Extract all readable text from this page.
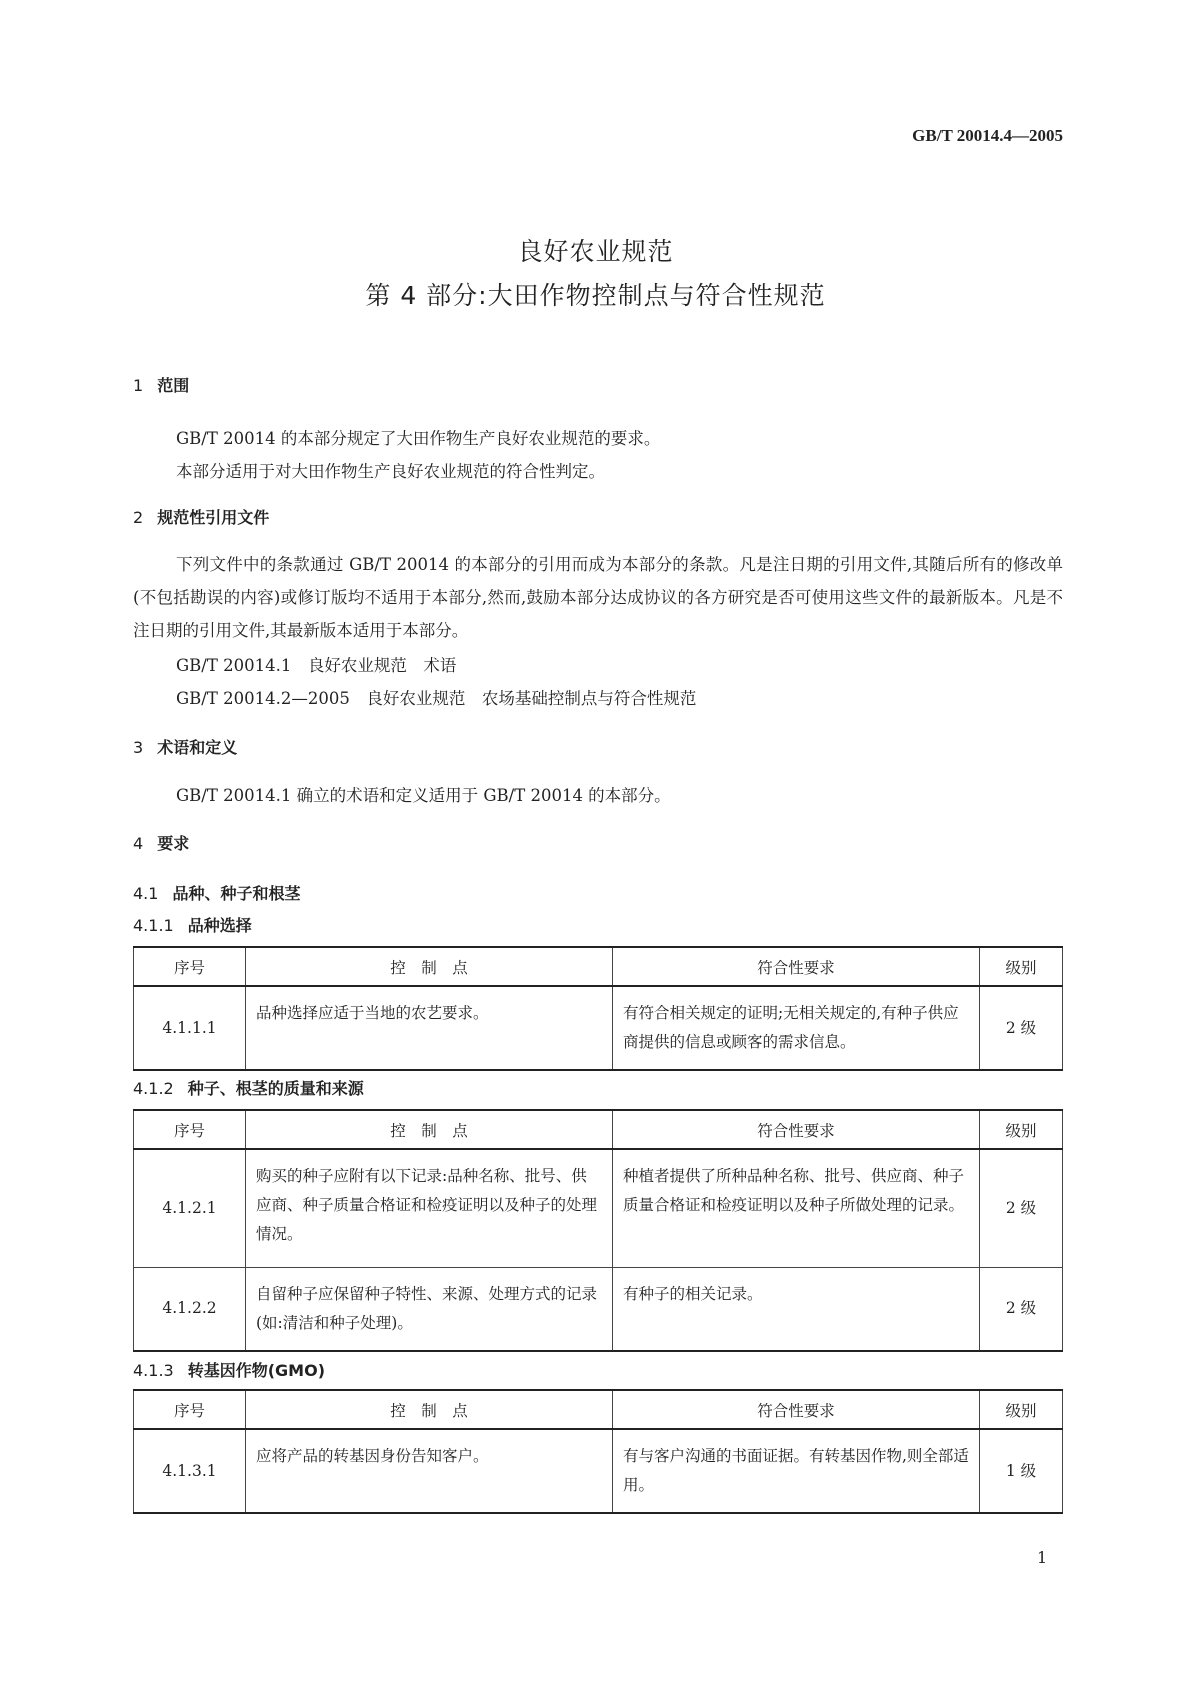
GB/T 20014.4—2005
良好农业规范
第 4 部分:大田作物控制点与符合性规范
1 范围
GB/T 20014 的本部分规定了大田作物生产良好农业规范的要求。
本部分适用于对大田作物生产良好农业规范的符合性判定。
2 规范性引用文件
下列文件中的条款通过 GB/T 20014 的本部分的引用而成为本部分的条款。凡是注日期的引用文件,其随后所有的修改单(不包括勘误的内容)或修订版均不适用于本部分,然而,鼓励本部分达成协议的各方研究是否可使用这些文件的最新版本。凡是不注日期的引用文件,其最新版本适用于本部分。
GB/T 20014.1　良好农业规范　术语
GB/T 20014.2—2005　良好农业规范　农场基础控制点与符合性规范
3 术语和定义
GB/T 20014.1 确立的术语和定义适用于 GB/T 20014 的本部分。
4 要求
4.1 品种、种子和根茎
4.1.1 品种选择
序号	控　制　点	符合性要求	级别
4.1.1.1	品种选择应适于当地的农艺要求。	有符合相关规定的证明;无相关规定的,有种子供应商提供的信息或顾客的需求信息。	2 级
4.1.2 种子、根茎的质量和来源
序号	控　制　点	符合性要求	级别
4.1.2.1	购买的种子应附有以下记录:品种名称、批号、供应商、种子质量合格证和检疫证明以及种子的处理情况。	种植者提供了所种品种名称、批号、供应商、种子质量合格证和检疫证明以及种子所做处理的记录。	2 级
4.1.2.2	自留种子应保留种子特性、来源、处理方式的记录(如:清洁和种子处理)。	有种子的相关记录。	2 级
4.1.3 转基因作物(GMO)
序号	控　制　点	符合性要求	级别
4.1.3.1	应将产品的转基因身份告知客户。	有与客户沟通的书面证据。有转基因作物,则全部适用。	1 级
1
